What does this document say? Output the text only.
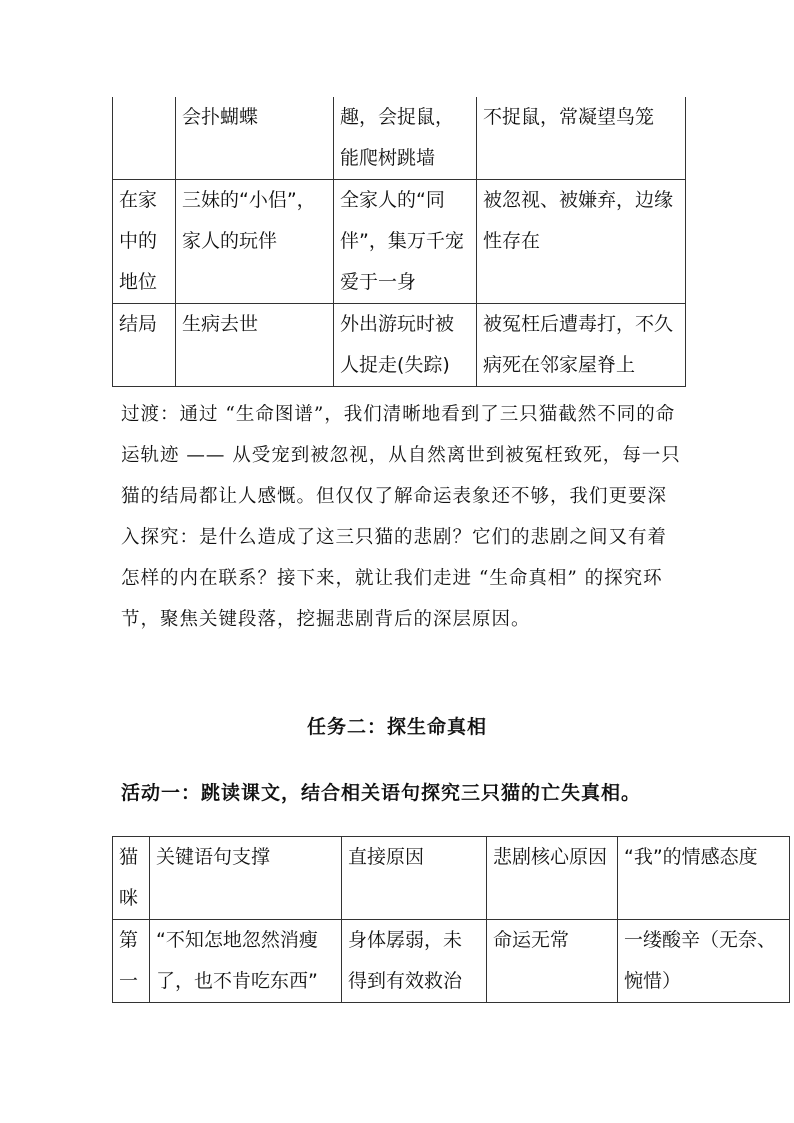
	会扑蝴蝶	趣，会捉鼠，能爬树跳墙	不捉鼠，常凝望鸟笼
在家中的地位	三妹的“小侣”，家人的玩伴	全家人的“同伴”，集万千宠爱于一身	被忽视、被嫌弃，边缘性存在
结局	生病去世	外出游玩时被人捉走(失踪)	被冤枉后遭毒打，不久病死在邻家屋脊上

过渡：通过 “生命图谱”，我们清晰地看到了三只猫截然不同的命运轨迹 —— 从受宠到被忽视，从自然离世到被冤枉致死，每一只猫的结局都让人感慨。但仅仅了解命运表象还不够，我们更要深入探究：是什么造成了这三只猫的悲剧？它们的悲剧之间又有着怎样的内在联系？接下来，就让我们走进 “生命真相” 的探究环节，聚焦关键段落，挖掘悲剧背后的深层原因。

任务二：探生命真相
活动一：跳读课文，结合相关语句探究三只猫的亡失真相。
猫咪	关键语句支撑	直接原因	悲剧核心原因	“我”的情感态度
第一	“不知怎地忽然消瘦了，也不肯吃东西”	身体孱弱，未得到有效救治	命运无常	一缕酸辛（无奈、惋惜）
